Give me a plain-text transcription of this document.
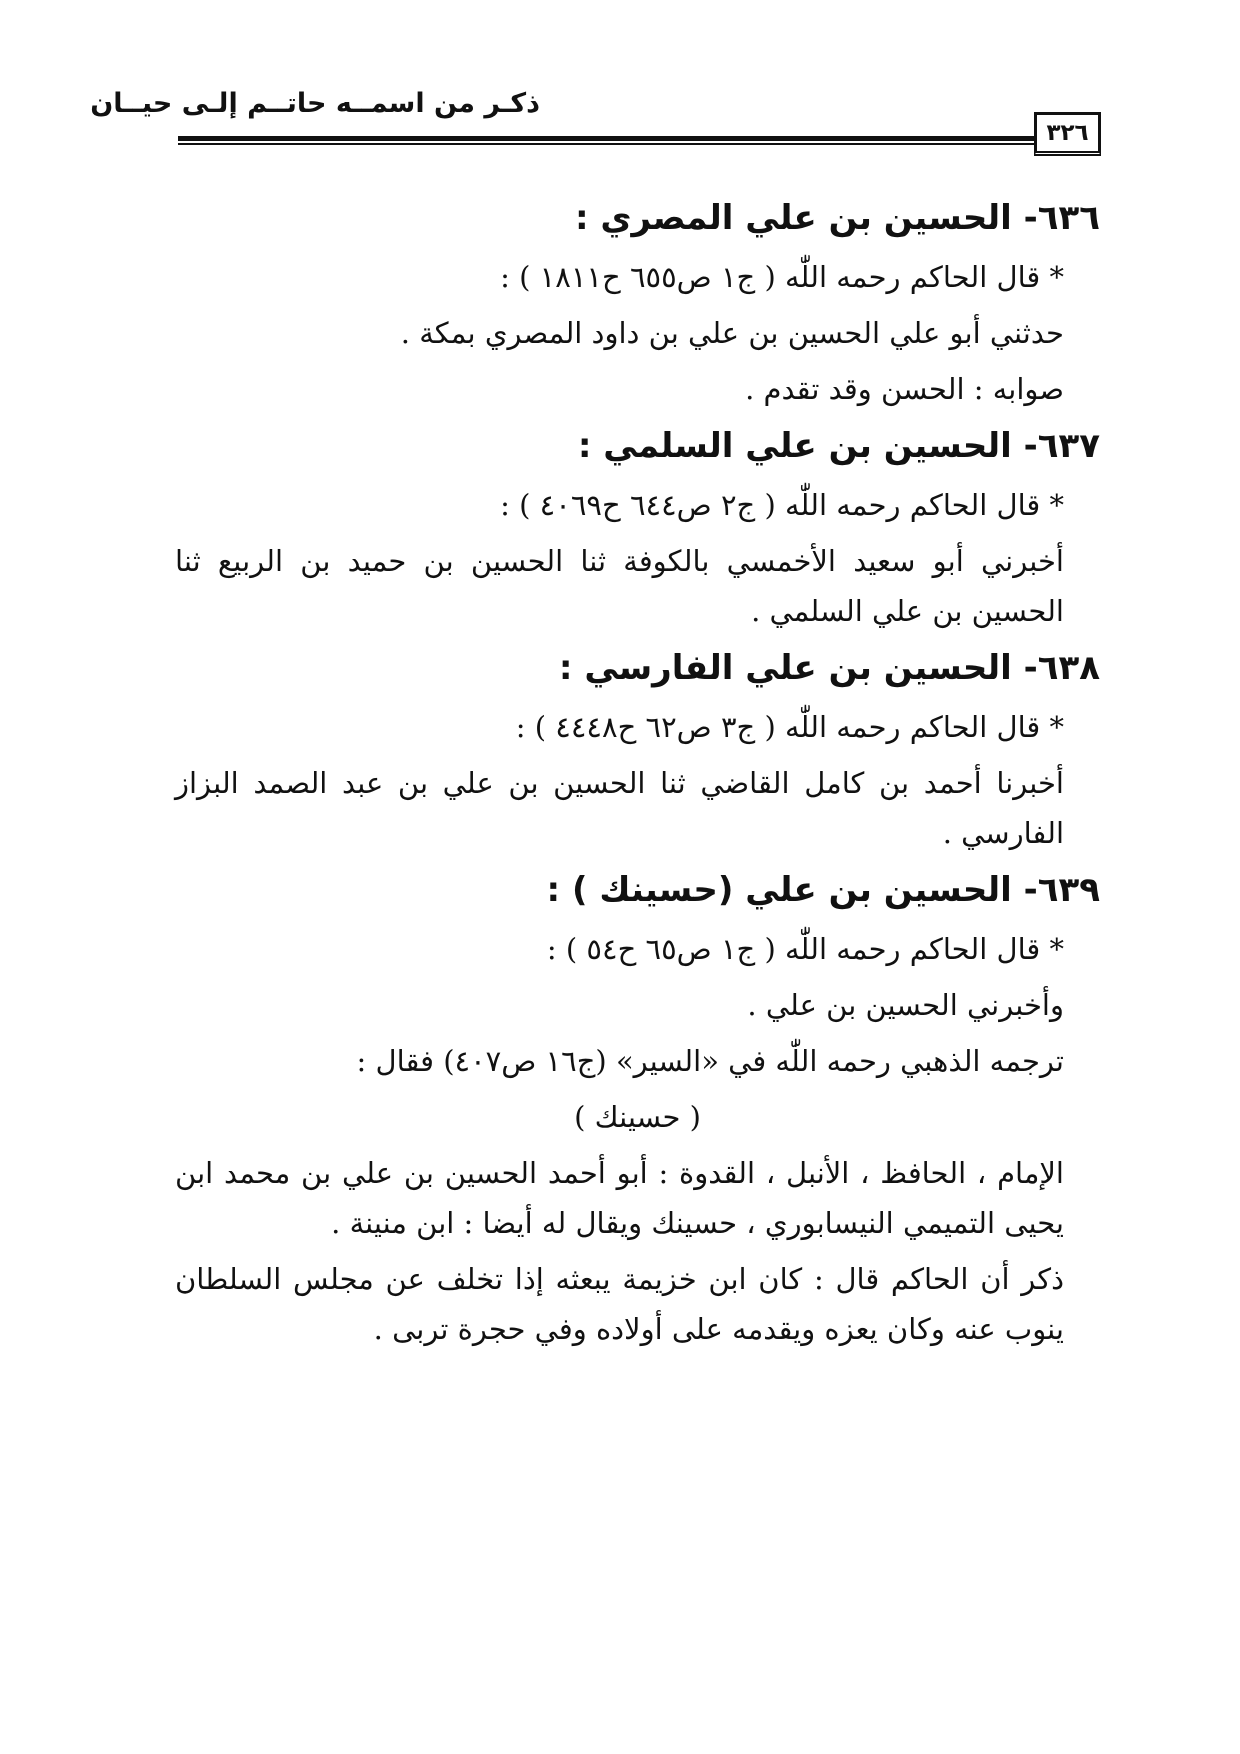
ذكـر من اسمــه حاتــم إلـى حيــان
٣٢٦
٦٣٦- الحسين بن علي المصري :
* قال الحاكم رحمه اللّٰه ( ج١ ص٦٥٥ ح١٨١١ ) :
حدثني أبو علي الحسين بن علي بن داود المصري بمكة .
صوابه : الحسن وقد تقدم .
٦٣٧- الحسين بن علي السلمي :
* قال الحاكم رحمه اللّٰه ( ج٢ ص٦٤٤ ح٤٠٦٩ ) :
أخبرني أبو سعيد الأخمسي بالكوفة ثنا الحسين بن حميد بن الربيع ثنا الحسين بن علي السلمي .
٦٣٨- الحسين بن علي الفارسي :
* قال الحاكم رحمه اللّٰه ( ج٣ ص٦٢ ح٤٤٤٨ ) :
أخبرنا أحمد بن كامل القاضي ثنا الحسين بن علي بن عبد الصمد البزاز الفارسي .
٦٣٩- الحسين بن علي (حسينك ) :
* قال الحاكم رحمه اللّٰه ( ج١ ص٦٥ ح٥٤ ) :
وأخبرني الحسين بن علي .
ترجمه الذهبي رحمه اللّٰه في «السير» (ج١٦ ص٤٠٧) فقال :
( حسينك )
الإمام ، الحافظ ، الأنبل ، القدوة : أبو أحمد الحسين بن علي بن محمد ابن يحيى التميمي النيسابوري ، حسينك ويقال له أيضا : ابن منينة .
ذكر أن الحاكم قال : كان ابن خزيمة يبعثه إذا تخلف عن مجلس السلطان ينوب عنه وكان يعزه ويقدمه على أولاده وفي حجرة تربى .
